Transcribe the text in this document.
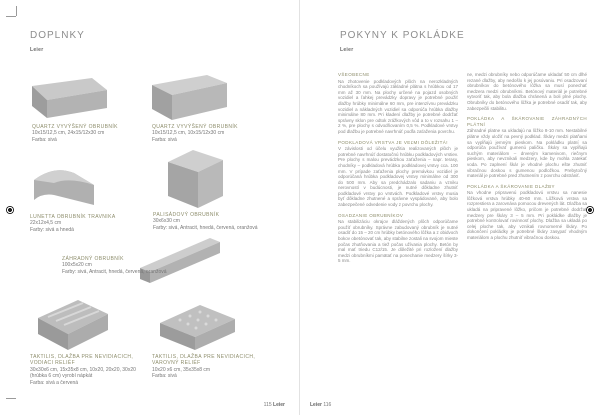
DOPLNKY
Leier
QUARTZ VYVÝŠENÝ OBRUBNÍK
10x15/12,5 cm, 24x15/12x30 cm
Farba: sivá
QUARTZ VYVÝŠENÝ OBRUBNÍK
10x15/12,5 cm, 10x15/12x30 cm
Farba: sivá
LUNETTA OBRUBNÍK TRAVNIKA
22x12x4,5 cm
Farby: sivá a hnedá
PALISÁDOVÝ OBRUBNÍK
30x6x30 cm
Farby: sivá, Antracit, hnedá, červená, oranžová
ZÁHRADNÝ OBRUBNÍK
100x5x20 cm
Farby: sivá, Antracit, hnedá, červená, oranžová
TAKTILIS, DLAŽBA PRE NEVIDIACICH, VODIACI RELIÉF
30x30x6 cm, 15x35x8 cm, 10x20, 20x20, 30x20 (hrúbka 6 cm) vyrobí nápkát
Farba: sivá a červená
TAKTILIS, DLAŽBA PRE NEVIDIACICH, VAROVNÝ RELIÉF
10x20 x6 cm, 35x35x8 cm
Farba: sivá
115 Leier
POKYNY K POKLÁDKE
Leier

VŠEOBECNE
Na zhotovenie podkladových plôch na nerozkladných chodníkoch sa používajú základné plátna s hrúbkou od 17 mm až 30 mm. Na plochy určené na pojazd osobných vozidiel a ľahkej prevádzky dopravy je potrebné použiť dlažby hrúbky minimálne 60 mm, pre intenzívnu prevádzku vozidiel a nákladných vozidiel sa odporúča hrúbka dlažby minimálne 80 mm. Pri kladení dlažby je potrebné dodržať správny sklon pre odtok zrážkových vôd a to v rozsahu 1 – 2 %, pre plochy s odvodňovaním 0,5 %. Podkladové vrstvy pod dlažbu je potrebné navrhnúť podľa zaťaženia povrchu.

PODKLADOVÁ VRSTVA JE VEĽMI DÔLEŽITÁ!
V závislosti od účelu využitia realizovaných plôch je potrebné navrhnúť dostatočnú hrúbku podkladových vrstiev. Pre plochy s malou prevádzkou zaťaženia – napr. terasy, chodníky – podkladová hrúbka podkladovej vrstvy cca. 100 mm. V prípade zaťaženia plochy premávkou vozidiel je odporúčaná hrúbka podkladovej vrstvy minimálne od 300 do 500 mm. Aby sa predchádzalo sadaniu a vzniku nerovností v budúcnosti, je nutné dôkladne zhutniť podkladové vrstvy po vrstvách. Podkladové vrstvy musia byť dôkladne zhutnené a správne vyspádované, aby bolo zabezpečené odvedenie vody z povrchu plochy.

OSADZANIE OBRUBNÍKOV
Na stabilizáciu okrajov dláždených plôch odporúčame použiť obrubníky. Správne zabudovaný obrubník je nutné osadiť do 15 – 20 cm hrúbky betónového lôžka a z obidvoch bokov obetónovať tak, aby stabilne zostali na svojom mieste počas zhutňovania a tiež počas užívania plochy. Betón by mal mať triedu C12/15. Je dôležité pri rozložení dlažby medzi obrubníkmi pamätať na ponechanie medzery šírky 3-5 mm.

ne, medzi obrubníky nebo odporúčame ukladať 50 cm dlhé rezané dlažby, aby nedošlo k jej posúvaniu. Pri osadzovaní obrubníkov do betónového lôžka sa musí ponechať medzera medzi obrubníkmi. Betónový materiál je potrebné vytvoriť tak, aby bola dlažba chránená a boli plné plochy. Obrubníky do betónového lôžka je potrebné osadiť tak, aby zabezpečili stabilitu.

POKLÁDKA A ŠKÁROVANIE ZÁHRADNÝCH PLÁTNÍ
Záhradné platne sa ukladajú na lôžko 8-10 mm. Nestabilné plátne vždy uložiť na pevný podklad. Škáry medzi platňami sa vypĺňajú jemným pieskom. Na pokládku platní sa odporúča používať gumenú paličku. Škáry sa vypĺňajú suchým materiálom – drveným kamenivom, riečnym pieskom, aby nevznikali medzery, kde by mohla zatekať voda. Po zaplnení škár je vhodné plochu ešte zhutniť vibračnou doskou s gumenou podložkou. Prebytočný materiál je potrebné pred zhutnením z povrchu odstrániť.

POKLÁDKA A ŠKÁROVANIE DLAŽBY
Na vhodne pripravenú podkladovú vrstvu sa nanesie lôžková vrstva hrúbky 40-60 mm. Lôžková vrstva sa rozprestiera a zarovnáva pomocou drevených lát. Dlažba sa ukladá na pripravené lôžko, pričom je potrebné dodržať medzery pre škáry 3 – 5 mm. Pri pokládke dlažby je potrebné kontrolovať rovinnosť plochy. Dlažba sa ukladá po celej ploche tak, aby vznikali rovnomerné škáry. Po dokončení pokládky je potrebné škáry zasypať vhodným materiálom a plochu zhutniť vibračnou doskou.

Leier 116
